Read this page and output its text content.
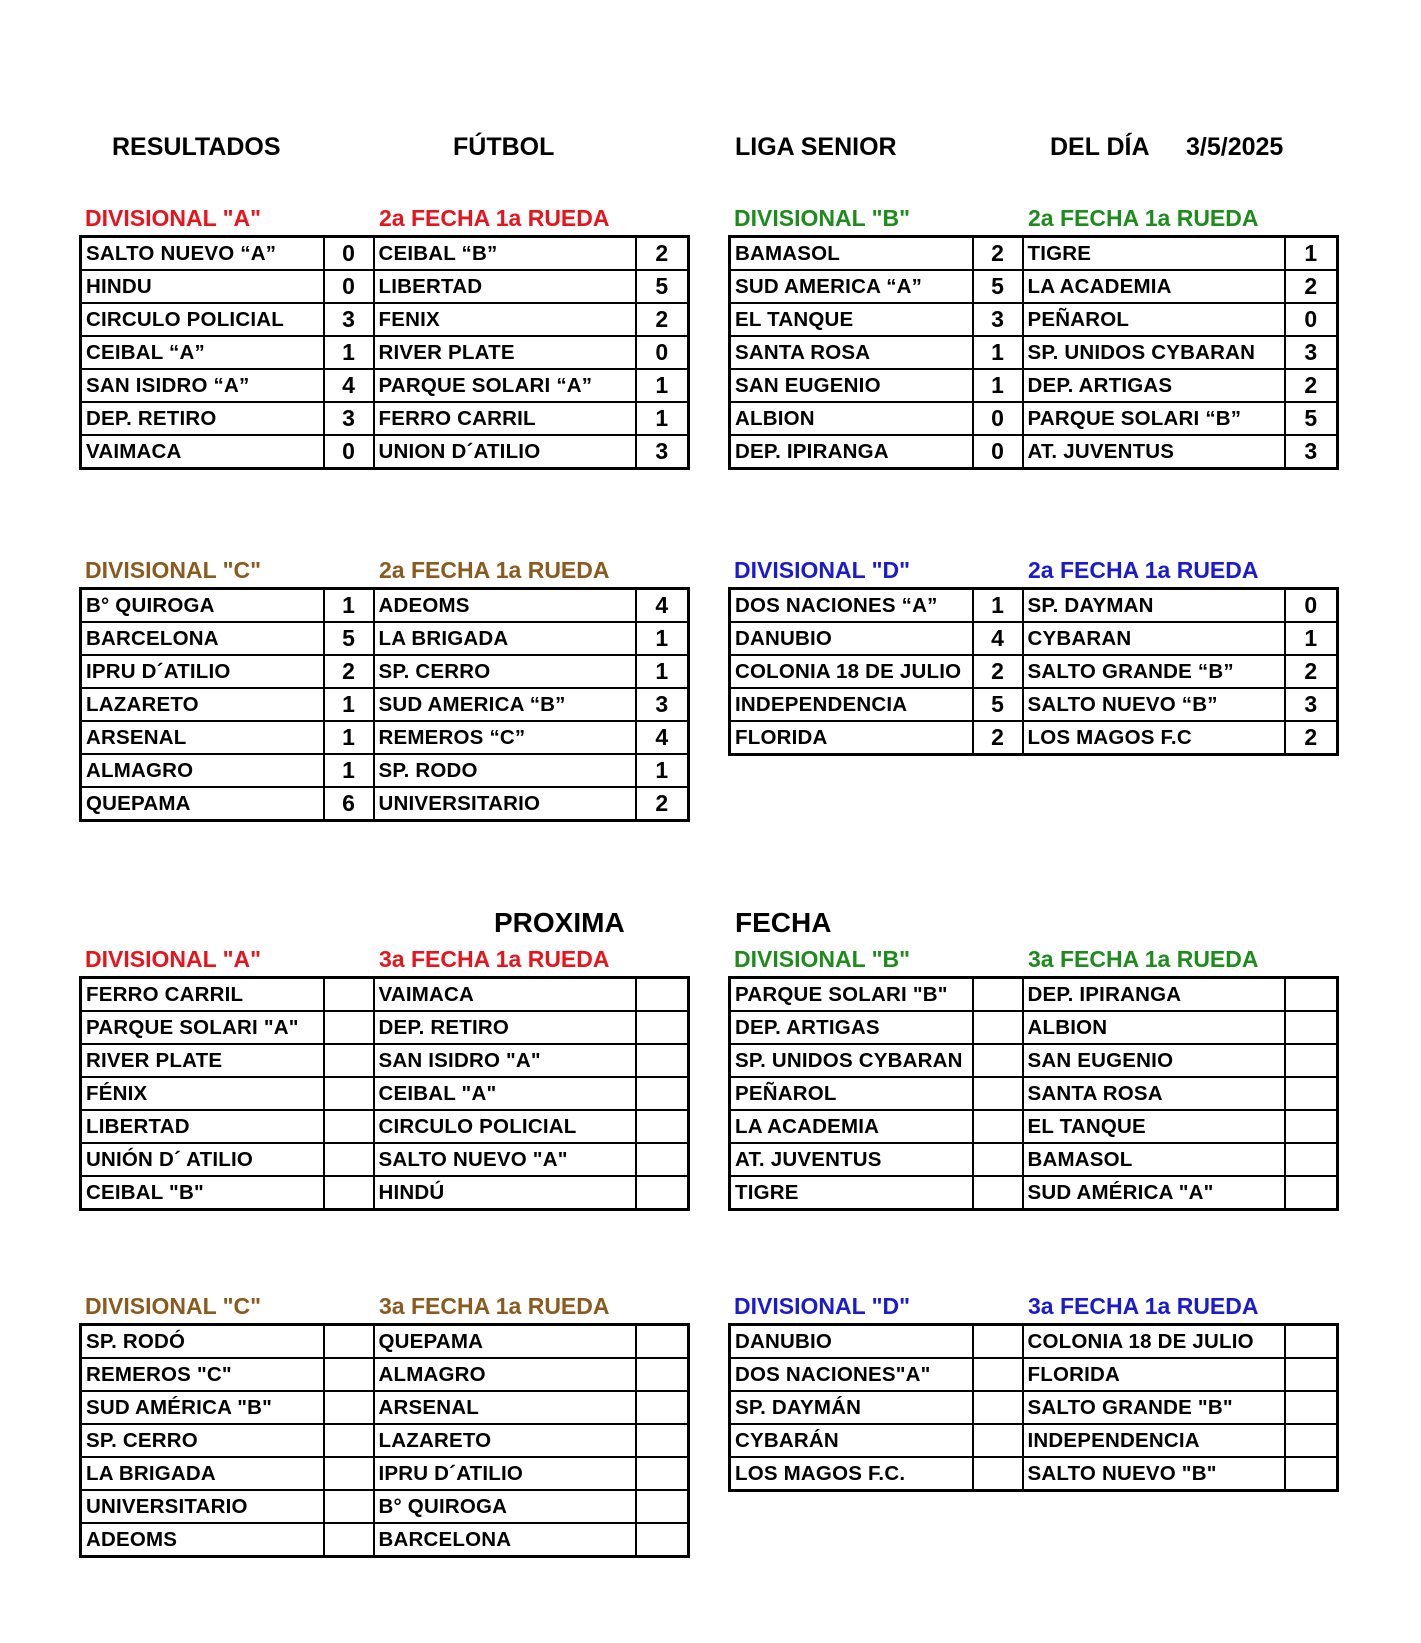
RESULTADOS	FÚTBOL	LIGA SENIOR	DEL DÍA 3/5/2025
PROXIMA	FECHA
DIVISIONAL "A"	2a FECHA 1a RUEDA
SALTO NUEVO “A”	0	CEIBAL “B”	2
HINDU	0	LIBERTAD	5
CIRCULO POLICIAL	3	FENIX	2
CEIBAL “A”	1	RIVER PLATE	0
SAN ISIDRO “A”	4	PARQUE SOLARI “A”	1
DEP. RETIRO	3	FERRO CARRIL	1
VAIMACA	0	UNION D´ATILIO	3
DIVISIONAL "B"	2a FECHA 1a RUEDA
BAMASOL	2	TIGRE	1
SUD AMERICA “A”	5	LA ACADEMIA	2
EL TANQUE	3	PEÑAROL	0
SANTA ROSA	1	SP. UNIDOS CYBARAN	3
SAN EUGENIO	1	DEP. ARTIGAS	2
ALBION	0	PARQUE SOLARI “B”	5
DEP. IPIRANGA	0	AT. JUVENTUS	3
DIVISIONAL "C"	2a FECHA 1a RUEDA
B° QUIROGA	1	ADEOMS	4
BARCELONA	5	LA BRIGADA	1
IPRU D´ATILIO	2	SP. CERRO	1
LAZARETO	1	SUD AMERICA “B”	3
ARSENAL	1	REMEROS “C”	4
ALMAGRO	1	SP. RODO	1
QUEPAMA	6	UNIVERSITARIO	2
DIVISIONAL "D"	2a FECHA 1a RUEDA
DOS NACIONES “A”	1	SP. DAYMAN	0
DANUBIO	4	CYBARAN	1
COLONIA 18 DE JULIO	2	SALTO GRANDE “B”	2
INDEPENDENCIA	5	SALTO NUEVO “B”	3
FLORIDA	2	LOS MAGOS F.C	2
DIVISIONAL "A"	3a FECHA 1a RUEDA
FERRO CARRIL		VAIMACA	
PARQUE SOLARI "A"		DEP. RETIRO	
RIVER PLATE		SAN ISIDRO "A"	
FÉNIX		CEIBAL "A"	
LIBERTAD		CIRCULO POLICIAL	
UNIÓN D´ ATILIO		SALTO NUEVO "A"	
CEIBAL "B"		HINDÚ	
DIVISIONAL "B"	3a FECHA 1a RUEDA
PARQUE SOLARI "B"		DEP. IPIRANGA	
DEP. ARTIGAS		ALBION	
SP. UNIDOS CYBARAN		SAN EUGENIO	
PEÑAROL		SANTA ROSA	
LA ACADEMIA		EL TANQUE	
AT. JUVENTUS		BAMASOL	
TIGRE		SUD AMÉRICA "A"	
DIVISIONAL "C"	3a FECHA 1a RUEDA
SP. RODÓ		QUEPAMA	
REMEROS "C"		ALMAGRO	
SUD AMÉRICA "B"		ARSENAL	
SP. CERRO		LAZARETO	
LA BRIGADA		IPRU D´ATILIO	
UNIVERSITARIO		B° QUIROGA	
ADEOMS		BARCELONA	
DIVISIONAL "D"	3a FECHA 1a RUEDA
DANUBIO		COLONIA 18 DE JULIO	
DOS NACIONES"A"		FLORIDA	
SP. DAYMÁN		SALTO GRANDE "B"	
CYBARÁN		INDEPENDENCIA	
LOS MAGOS F.C.		SALTO NUEVO "B"	
